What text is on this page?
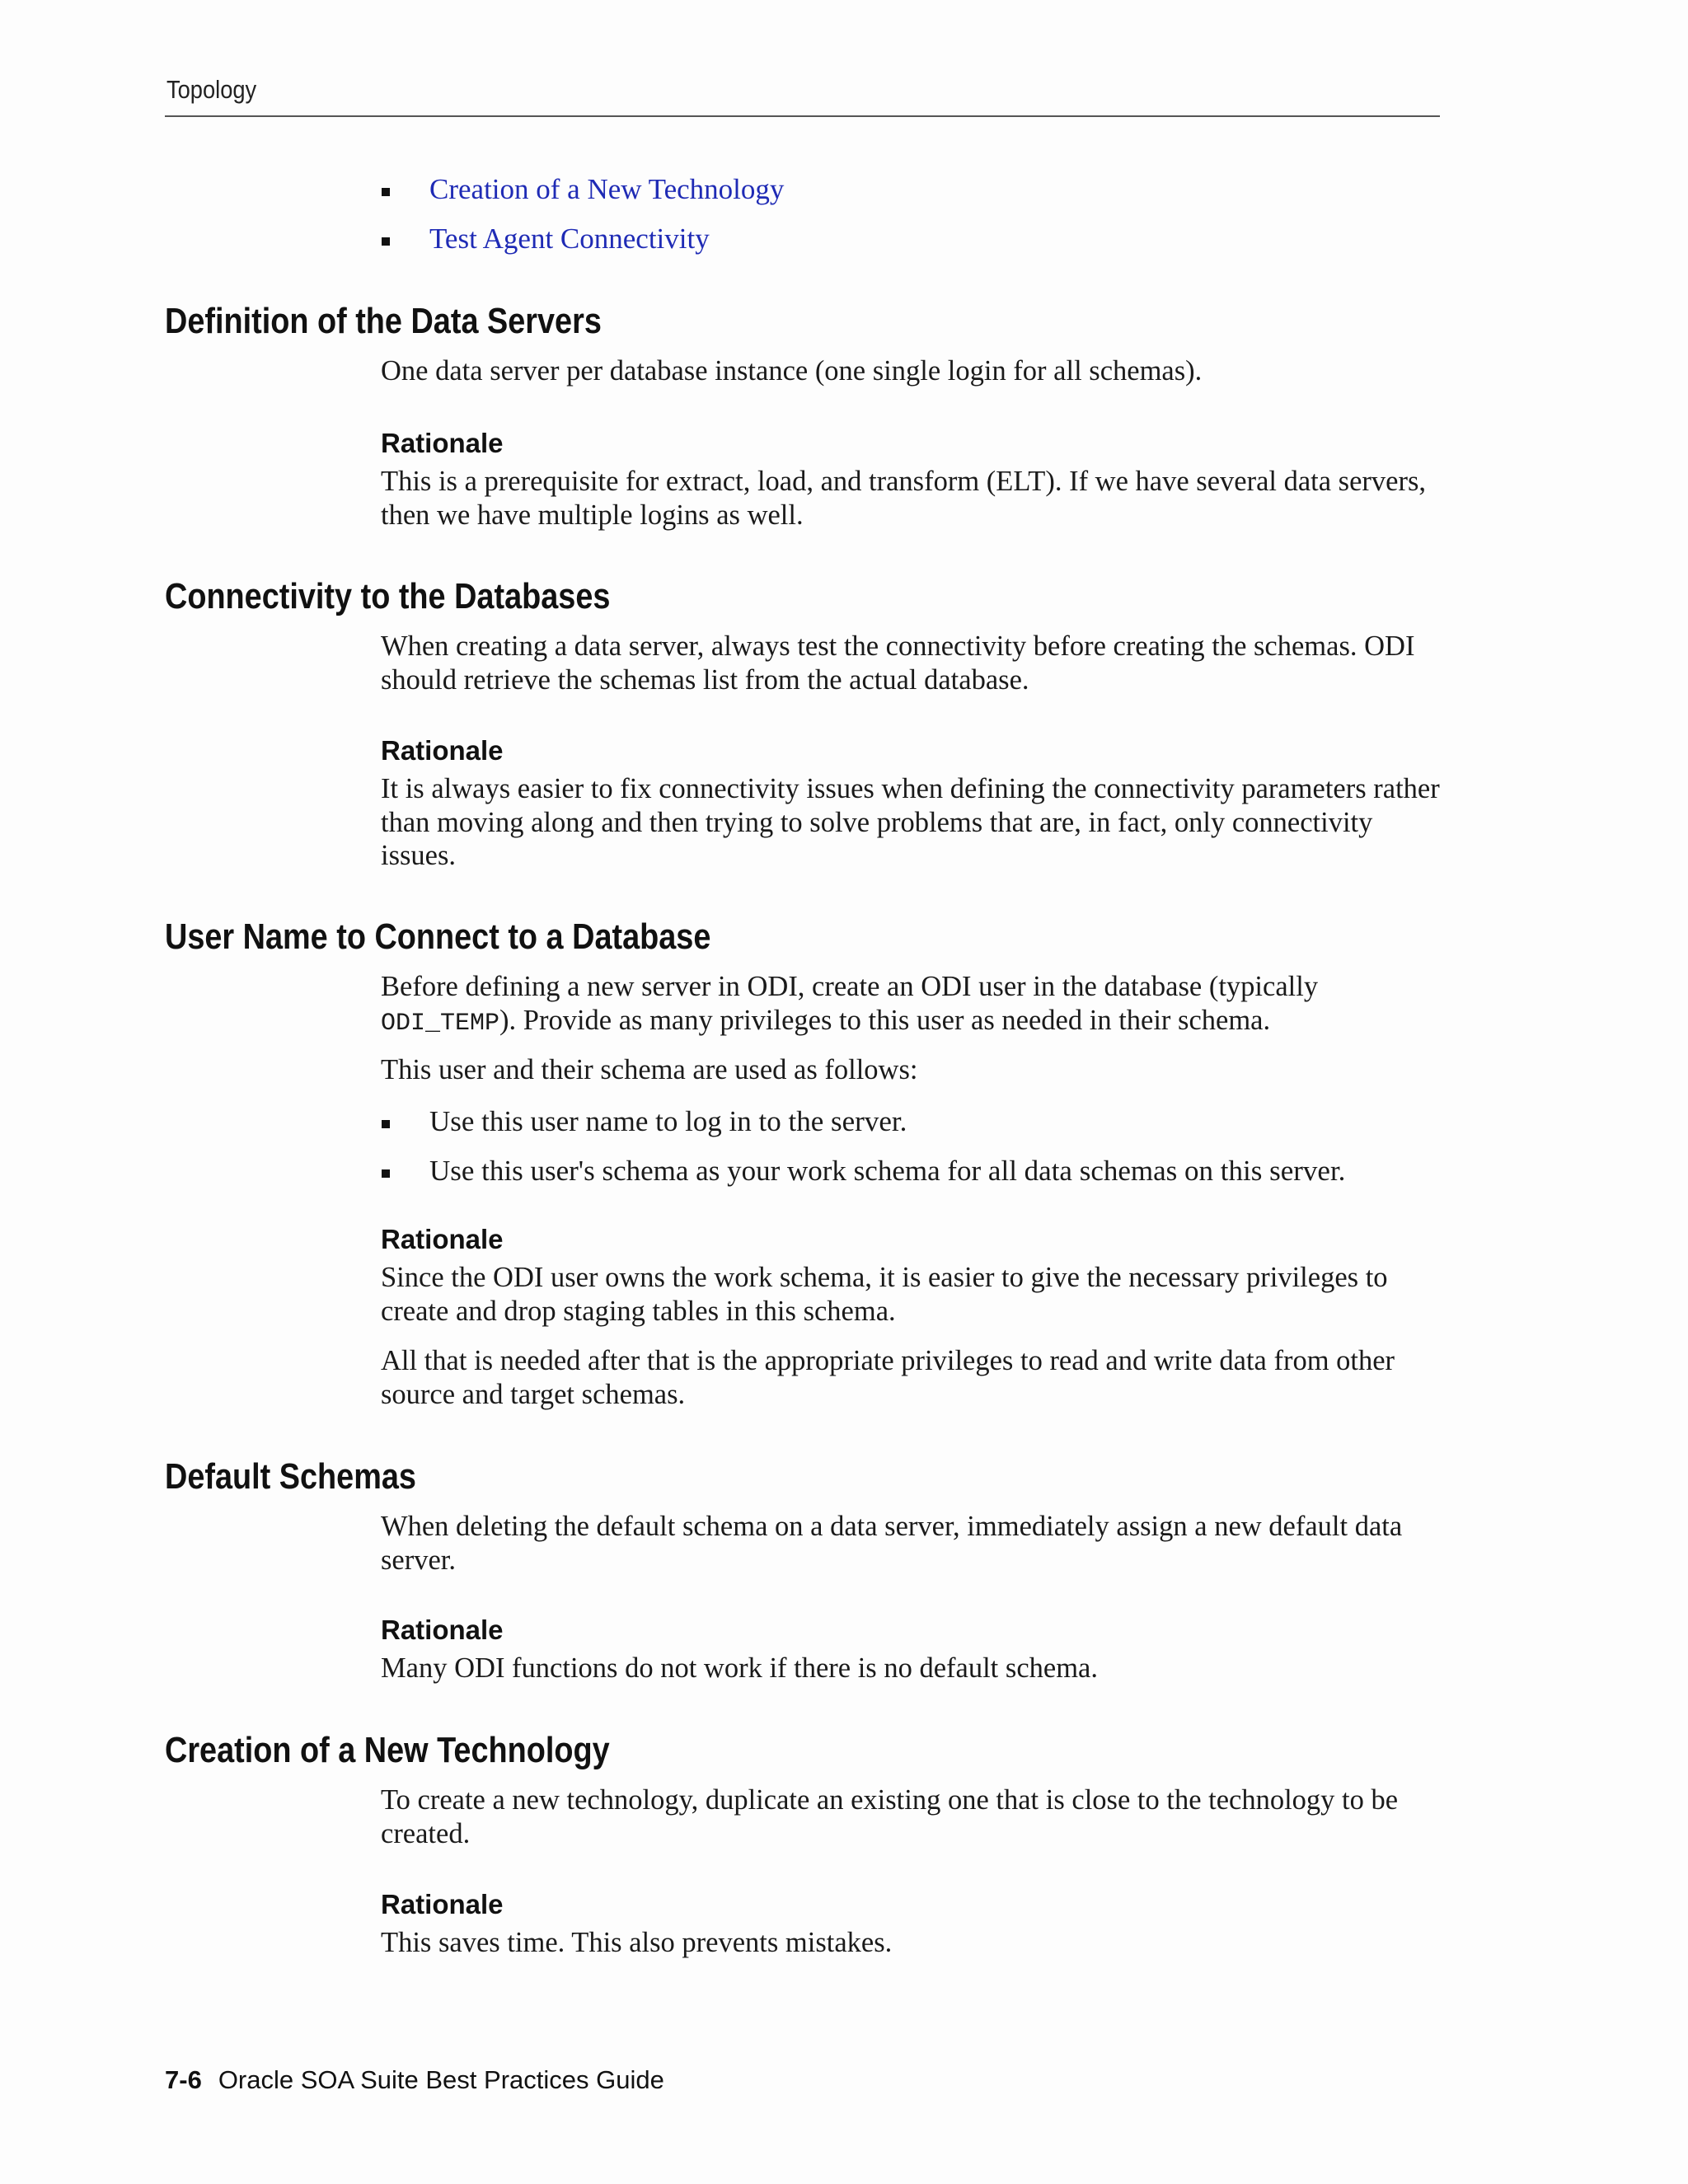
Topology
Creation of a New Technology
Test Agent Connectivity
Definition of the Data Servers

One data server per database instance (one single login for all schemas).

Rationale

This is a prerequisite for extract, load, and transform (ELT). If we have several data servers, then we have multiple logins as well.

Connectivity to the Databases

When creating a data server, always test the connectivity before creating the schemas. ODI should retrieve the schemas list from the actual database.

Rationale

It is always easier to fix connectivity issues when defining the connectivity parameters rather than moving along and then trying to solve problems that are, in fact, only connectivity issues.

User Name to Connect to a Database

Before defining a new server in ODI, create an ODI user in the database (typically ODI_TEMP). Provide as many privileges to this user as needed in their schema.

This user and their schema are used as follows:

Use this user name to log in to the server.
Use this user's schema as your work schema for all data schemas on this server.
Rationale

Since the ODI user owns the work schema, it is easier to give the necessary privileges to create and drop staging tables in this schema.

All that is needed after that is the appropriate privileges to read and write data from other source and target schemas.

Default Schemas

When deleting the default schema on a data server, immediately assign a new default data server.

Rationale

Many ODI functions do not work if there is no default schema.

Creation of a New Technology

To create a new technology, duplicate an existing one that is close to the technology to be created.

Rationale

This saves time. This also prevents mistakes.

7-6 Oracle SOA Suite Best Practices Guide
